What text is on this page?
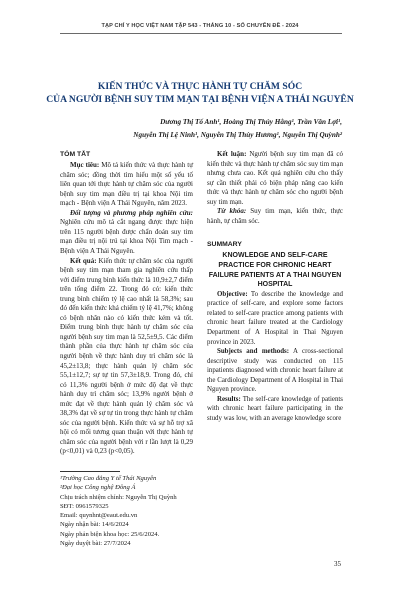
TẠP CHÍ Y HỌC VIỆT NAM TẬP 543 - THÁNG 10 - SỐ CHUYÊN ĐỀ - 2024
KIẾN THỨC VÀ THỰC HÀNH TỰ CHĂM SÓC
CỦA NGƯỜI BỆNH SUY TIM MẠN TẠI BỆNH VIỆN A THÁI NGUYÊN
Dương Thị Tố Anh¹, Hoàng Thị Thúy Hằng¹, Trần Văn Lợi¹,
Nguyễn Thị Lệ Ninh¹, Nguyễn Thị Thùy Hương¹, Nguyễn Thị Quỳnh²
TÓM TẮT

Mục tiêu: Mô tả kiến thức và thực hành tự chăm sóc; đồng thời tìm hiểu một số yếu tố liên quan tới thực hành tự chăm sóc của người bệnh suy tim mạn điều trị tại khoa Nội tim mạch - Bệnh viện A Thái Nguyên, năm 2023.

Đối tượng và phương pháp nghiên cứu: Nghiên cứu mô tả cắt ngang được thực hiện trên 115 người bệnh được chẩn đoán suy tim mạn điều trị nội trú tại khoa Nội Tim mạch - Bệnh viện A Thái Nguyên.

Kết quả: Kiến thức tự chăm sóc của người bệnh suy tim mạn tham gia nghiên cứu thấp với điểm trung bình kiến thức là 10,9±2,7 điểm trên tổng điểm 22. Trong đó có: kiến thức trung bình chiếm tỷ lệ cao nhất là 58,3%; sau đó đến kiến thức khá chiếm tỷ lệ 41,7%; không có bệnh nhân nào có kiến thức kém và tốt. Điểm trung bình thực hành tự chăm sóc của người bệnh suy tim mạn là 52,5±9,5. Các điểm thành phần của thực hành tự chăm sóc của người bệnh về thực hành duy trì chăm sóc là 45,2±13,8; thực hành quản lý chăm sóc 55,1±12,7; sự tự tin 57,3±18,9. Trong đó, chỉ có 11,3% người bệnh ở mức độ đạt về thực hành duy trì chăm sóc; 13,9% người bệnh ở mức đạt về thực hành quản lý chăm sóc và 38,3% đạt về sự tự tin trong thực hành tự chăm sóc của người bệnh. Kiến thức và sự hỗ trợ xã hội có mối tương quan thuận với thực hành tự chăm sóc của người bệnh với r lần lượt là 0,29 (p<0,01) và 0,23 (p<0,05).

¹Trường Cao đẳng Y tế Thái Nguyên
²Đại học Công nghệ Đông Á
Chịu trách nhiệm chính: Nguyễn Thị Quỳnh
SĐT: 0961579325
Email: quynhnt@eaut.edu.vn
Ngày nhận bài: 14/6/2024
Ngày phản biện khoa học: 25/6/2024.
Ngày duyệt bài: 27/7/2024

Kết luận: Người bệnh suy tim mạn đã có kiến thức và thực hành tự chăm sóc suy tim mạn nhưng chưa cao. Kết quả nghiên cứu cho thấy sự cần thiết phải có biện pháp nâng cao kiến thức và thực hành tự chăm sóc cho người bệnh suy tim mạn.

Từ khóa: Suy tim mạn, kiến thức, thực hành, tự chăm sóc.

SUMMARY
KNOWLEDGE AND SELF-CARE PRACTICE FOR CHRONIC HEART FAILURE PATIENTS AT A THAI NGUYEN HOSPITAL

Objective: To describe the knowledge and practice of self-care, and explore some factors related to self-care practice among patients with chronic heart failure treated at the Cardiology Department of A Hospital in Thai Nguyen province in 2023.

Subjects and methods: A cross-sectional descriptive study was conducted on 115 inpatients diagnosed with chronic heart failure at the Cardiology Department of A Hospital in Thai Nguyen province.

Results: The self-care knowledge of patients with chronic heart failure participating in the study was low, with an average knowledge score

35
